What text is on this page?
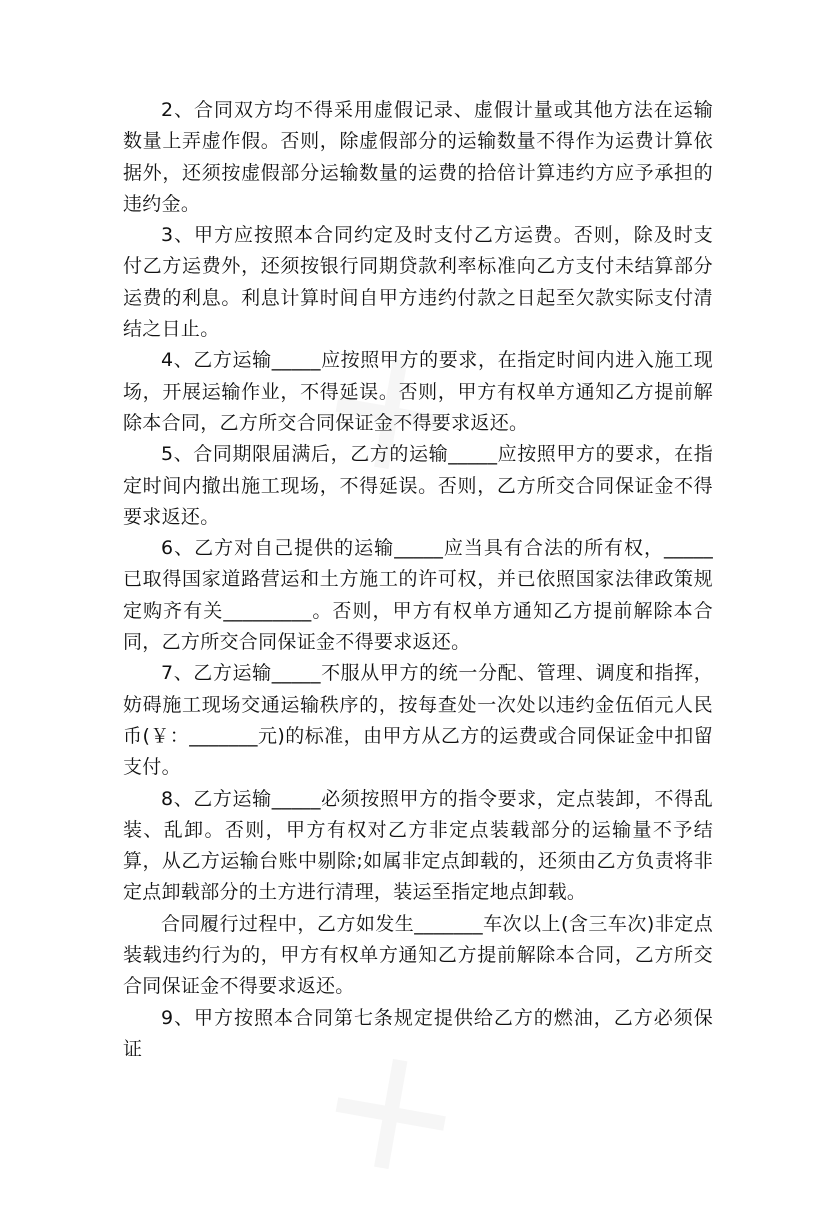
2、合同双方均不得采用虚假记录、虚假计量或其他方法在运输数量上弄虚作假。否则，除虚假部分的运输数量不得作为运费计算依据外，还须按虚假部分运输数量的运费的拾倍计算违约方应予承担的违约金。

3、甲方应按照本合同约定及时支付乙方运费。否则，除及时支付乙方运费外，还须按银行同期贷款利率标准向乙方支付未结算部分运费的利息。利息计算时间自甲方违约付款之日起至欠款实际支付清结之日止。

4、乙方运输_____应按照甲方的要求，在指定时间内进入施工现场，开展运输作业，不得延误。否则，甲方有权单方通知乙方提前解除本合同，乙方所交合同保证金不得要求返还。

5、合同期限届满后，乙方的运输_____应按照甲方的要求，在指定时间内撤出施工现场，不得延误。否则，乙方所交合同保证金不得要求返还。

6、乙方对自己提供的运输_____应当具有合法的所有权，_____已取得国家道路营运和土方施工的许可权，并已依照国家法律政策规定购齐有关_________。否则，甲方有权单方通知乙方提前解除本合同，乙方所交合同保证金不得要求返还。

7、乙方运输_____不服从甲方的统一分配、管理、调度和指挥，妨碍施工现场交通运输秩序的，按每查处一次处以违约金伍佰元人民币(￥：_______元)的标准，由甲方从乙方的运费或合同保证金中扣留支付。

8、乙方运输_____必须按照甲方的指令要求，定点装卸，不得乱装、乱卸。否则，甲方有权对乙方非定点装载部分的运输量不予结算，从乙方运输台账中剔除;如属非定点卸载的，还须由乙方负责将非定点卸载部分的土方进行清理，装运至指定地点卸载。

合同履行过程中，乙方如发生_______车次以上(含三车次)非定点装载违约行为的，甲方有权单方通知乙方提前解除本合同，乙方所交合同保证金不得要求返还。

9、甲方按照本合同第七条规定提供给乙方的燃油，乙方必须保证
